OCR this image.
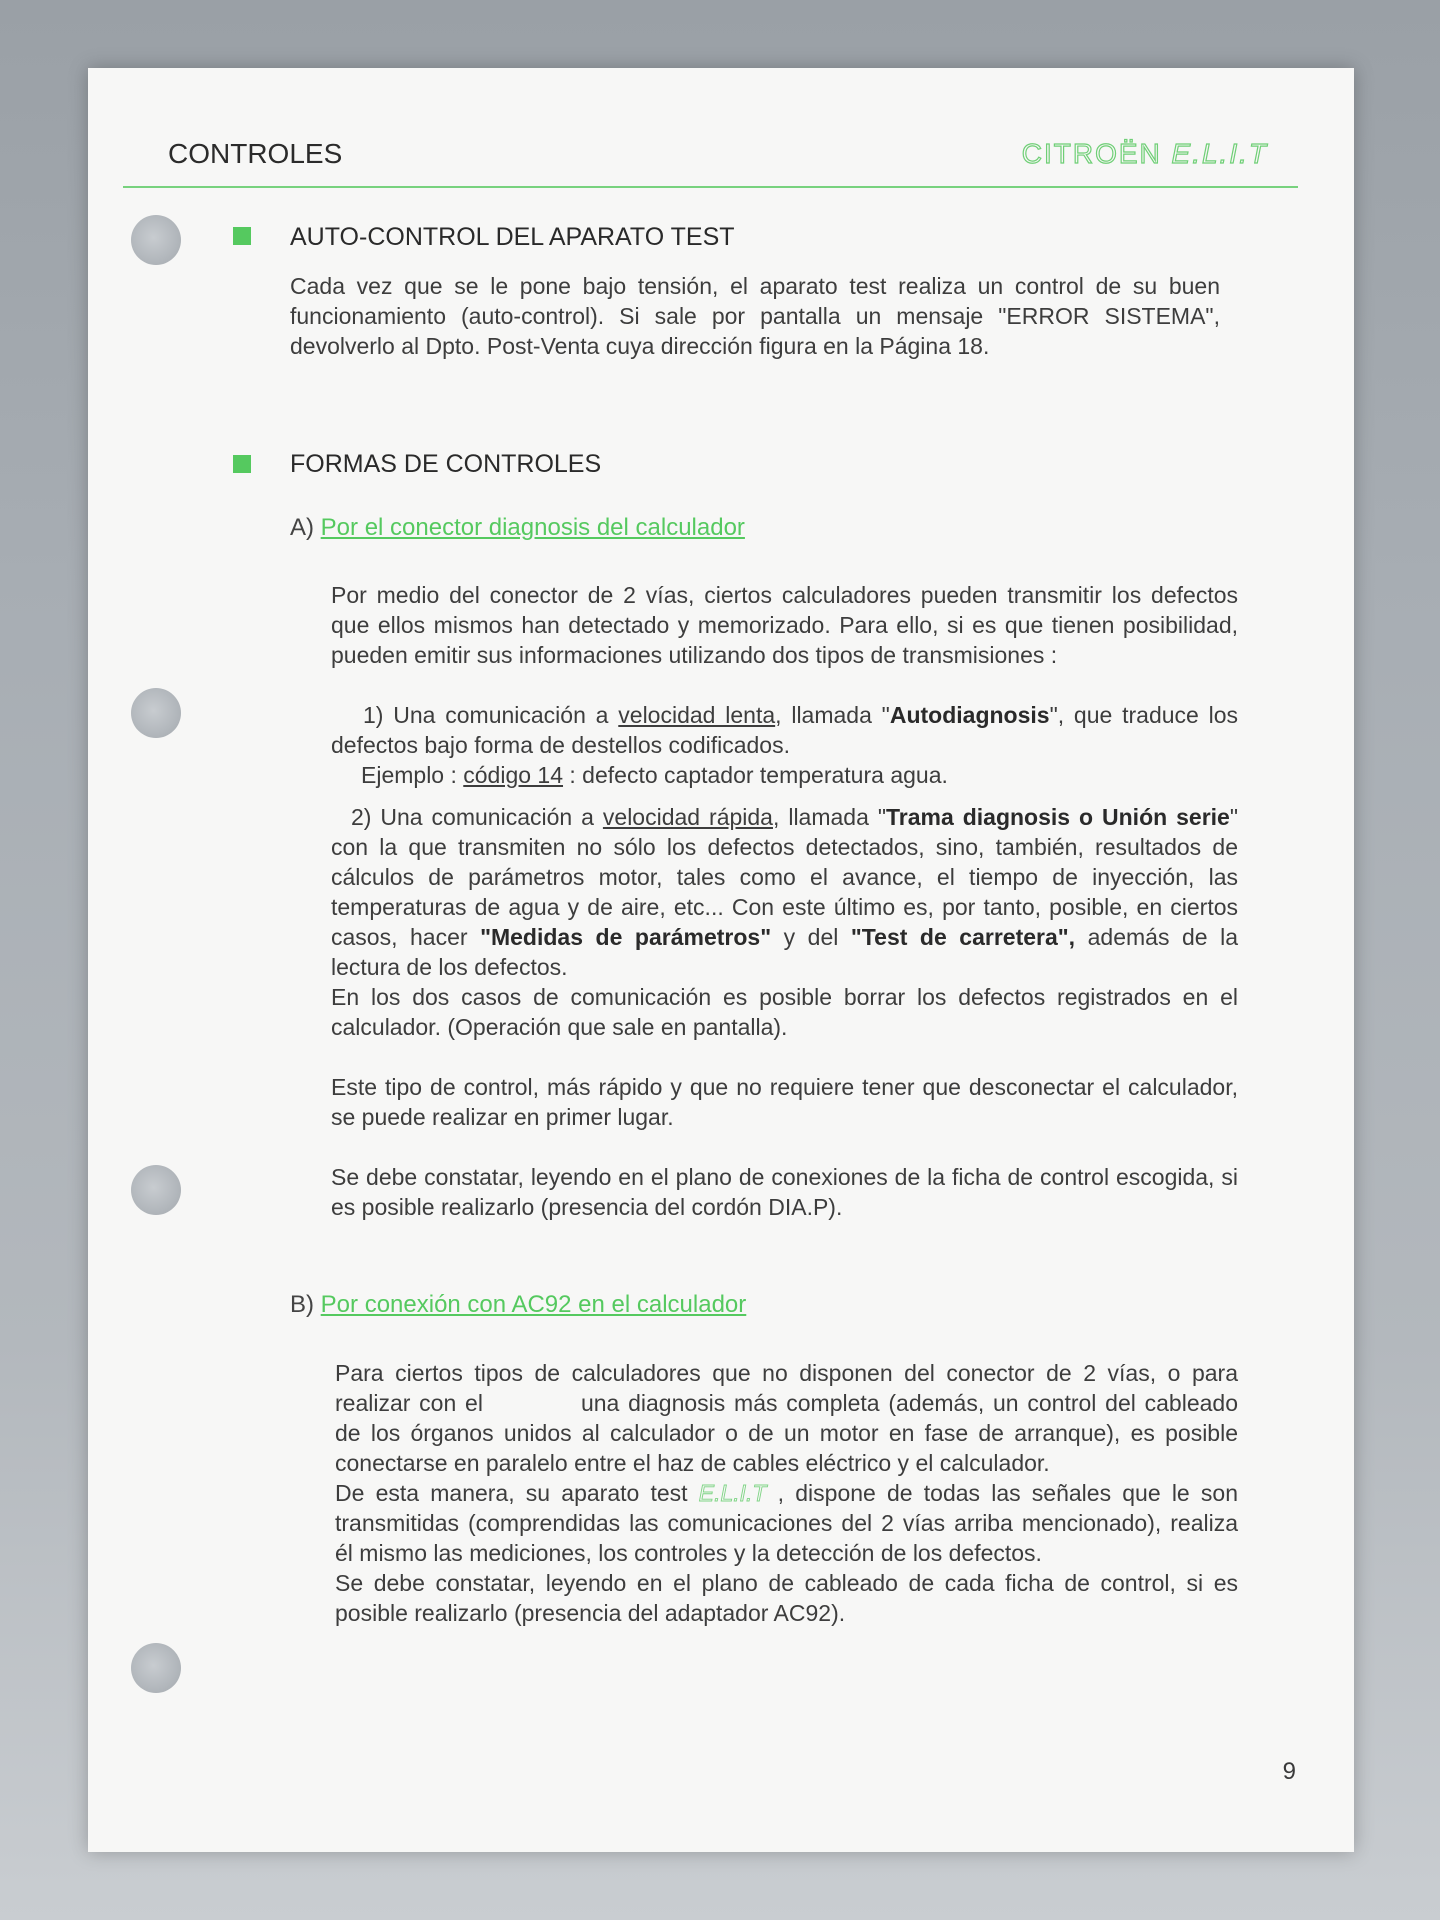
CONTROLES	CITROËN E.L.I.T
AUTO-CONTROL DEL APARATO TEST
Cada vez que se le pone bajo tensión, el aparato test realiza un control de su buen funcionamiento (auto-control). Si sale por pantalla un mensaje "ERROR SISTEMA", devolverlo al Dpto. Post-Venta cuya dirección figura en la Página 18.
FORMAS DE CONTROLES
A) Por el conector diagnosis del calculador

Por medio del conector de 2 vías, ciertos calculadores pueden transmitir los defectos que ellos mismos han detectado y memorizado. Para ello, si es que tienen posibilidad, pueden emitir sus informaciones utilizando dos tipos de transmisiones :

1) Una comunicación a velocidad lenta, llamada "Autodiagnosis", que traduce los defectos bajo forma de destellos codificados.

Ejemplo : código 14 : defecto captador temperatura agua.

2) Una comunicación a velocidad rápida, llamada "Trama diagnosis o Unión serie" con la que transmiten no sólo los defectos detectados, sino, también, resultados de cálculos de parámetros motor, tales como el avance, el tiempo de inyección, las temperaturas de agua y de aire, etc... Con este último es, por tanto, posible, en ciertos casos, hacer "Medidas de parámetros" y del "Test de carretera", además de la lectura de los defectos.

En los dos casos de comunicación es posible borrar los defectos registrados en el calculador. (Operación que sale en pantalla).

Este tipo de control, más rápido y que no requiere tener que desconectar el calculador, se puede realizar en primer lugar.

Se debe constatar, leyendo en el plano de conexiones de la ficha de control escogida, si es posible realizarlo (presencia del cordón DIA.P).

B) Por conexión con AC92 en el calculador

Para ciertos tipos de calculadores que no disponen del conector de 2 vías, o para realizar con el	una diagnosis más completa (además, un control del cableado de los órganos unidos al calculador o de un motor en fase de arranque), es posible conectarse en paralelo entre el haz de cables eléctrico y el calculador.

De esta manera, su aparato test E.L.I.T , dispone de todas las señales que le son transmitidas (comprendidas las comunicaciones del 2 vías arriba mencionado), realiza él mismo las mediciones, los controles y la detección de los defectos.

Se debe constatar, leyendo en el plano de cableado de cada ficha de control, si es posible realizarlo (presencia del adaptador AC92).

9
